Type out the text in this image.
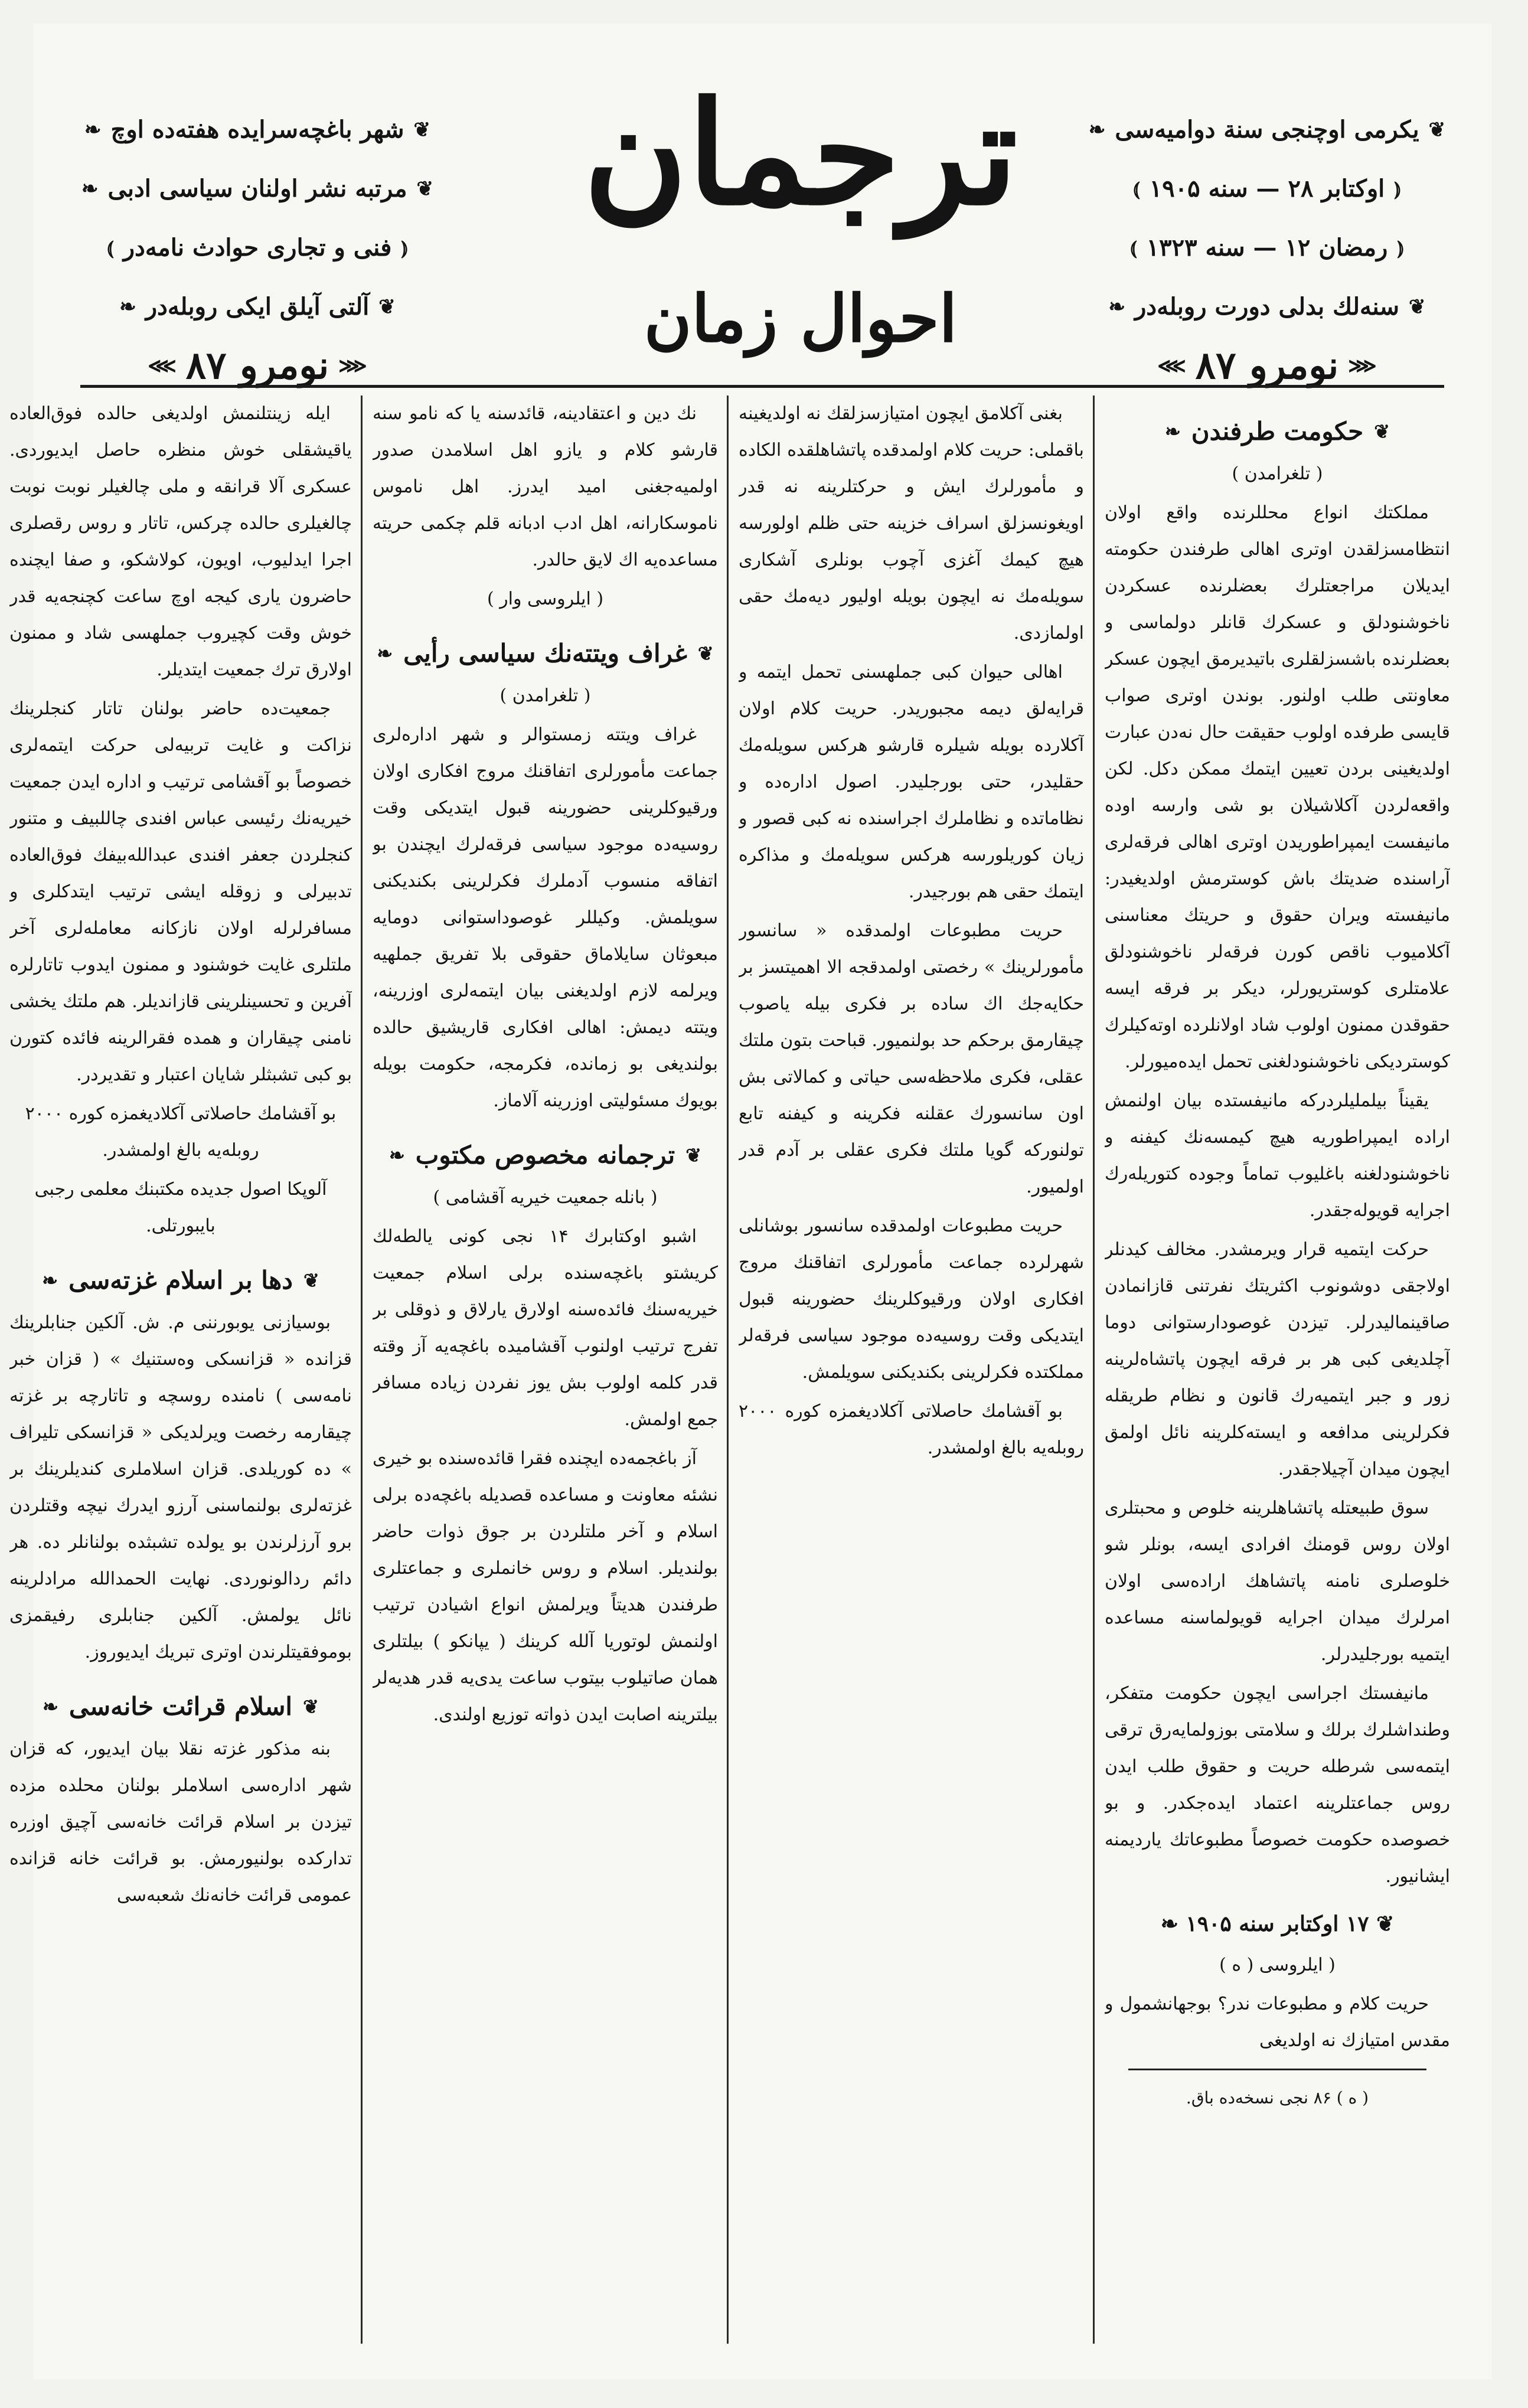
❦
یکرمی اوچنجی سنة دوامیه‌سی
❧
⦅
اوکتابر ۲۸ — سنه ۱۹۰۵
⦆
⦅
رمضان ۱۲ — سنه ۱۳۲۳
⦆
❦
سنه‌لك بدلی دورت روبله‌در
❧
⋘
نومرو ۸۷
⋙
ترجمان
احوال زمان
❦
شهر باغچه‌سرایده هفته‌ده اوچ
❧
❦
مرتبه نشر اولنان سیاسی ادبی
❧
⦅
فنی و تجاری حوادث نامه‌در
⦆
❦
آلتی آیلق ایکی روبله‌در
❧
⋘
نومرو ۸۷
⋙
❦
حکومت طرفندن
❧

( تلغرامدن )

مملکتك انواع محللرنده واقع اولان انتظامسزلقدن اوتری اهالی طرفندن حکومته ایدیلان مراجعتلرك بعضلرنده عسکردن ناخوشنودلق و عسکرك قانلر دولماسی و بعضلرنده باشسزلقلری باتیدیرمق ایچون عسکر معاونتی طلب اولنور. بوندن اوتری صواب قایسی طرفده اولوب حقیقت حال نه‌دن عبارت اولدیغینی بردن تعیین ایتمك ممکن دکل. لکن واقعه‌لردن آکلاشیلان بو شی وارسه اوده مانیفست ایمپراطوریدن اوتری اهالی فرقه‌لری آراسنده ضدیتك باش کوسترمش اولدیغیدر: مانیفسته ویران حقوق و حریتك معناسنی آکلامیوب ناقص کورن فرقه‌لر ناخوشنودلق علامتلری کوستریورلر، دیکر بر فرقه ایسه حقوقدن ممنون اولوب شاد اولانلرده اوته‌کیلرك کوستردیکی ناخوشنودلغنی تحمل ایده‌میورلر.

یقیناً بیلملیلردرکه مانیفستده بیان اولنمش اراده ایمپراطوریه هیچ کیمسه‌نك کیفنه و ناخوشنودلغنه باغلیوب تماماً وجوده کتوریله‌رك اجرایه قویوله‌جقدر.

حرکت ایتمیه قرار ویرمشدر. مخالف کیدنلر اولاجقی دوشونوب اکثریتك نفرتنی قازانمادن صاقینمالیدرلر. تیزدن غوصودارستوانی دوما آچلدیغی کبی هر بر فرقه ایچون پاتشاه‌لرینه زور و جبر ایتمیه‌رك قانون و نظام طریقله فکرلرینی مدافعه و ایسته‌کلرینه نائل اولمق ایچون میدان آچیلاجقدر.

سوق طبیعتله پاتشاهلرینه خلوص و محبتلری اولان روس قومنك افرادی ایسه، بونلر شو خلوصلری نامنه پاتشاهك اراده‌سی اولان امرلرك میدان اجرایه قویولماسنه مساعده ایتمیه بورجلیدرلر.

مانیفستك اجراسی ایچون حکومت متفکر، وطنداشلرك برلك و سلامتی بوزولمایه‌رق ترقی ایتمه‌سی شرطله حریت و حقوق طلب ایدن روس جماعتلرینه اعتماد ایده‌جکدر. و بو خصوصده حکومت خصوصاً مطبوعاتك یاردیمنه ایشانیور.

❦ ۱۷ اوکتابر سنه ۱۹۰۵ ❧

( ایلروسی ( ه )

حریت کلام و مطبوعات ندر؟ بوجهانشمول و مقدس امتیازك نه اولدیغی

( ه ) ۸۶ نجی نسخه‌ده باق.

بغنی آکلامق ایچون امتیازسزلقك نه اولدیغینه باقملی: حریت کلام اولمدقده پاتشاهلقده الکاده و مأمورلرك ایش و حرکتلرینه نه قدر اویغونسزلق اسراف خزینه حتی ظلم اولورسه هیچ کیمك آغزی آچوب بونلری آشکاری سویله‌مك نه ایچون بویله اولیور دیه‌مك حقی اولمازدی.

اهالی حیوان کبی جملهسنی تحمل ایتمه و قرایه‌لق دیمه مجبوریدر. حریت کلام اولان آکلارده بویله شیلره قارشو هرکس سویله‌مك حقلیدر، حتی بورجلیدر. اصول اداره‌ده و نظاماتده و نظاملرك اجراسنده نه کبی قصور و زیان کوریلورسه هرکس سویله‌مك و مذاکره ایتمك حقی هم بورجیدر.

حریت مطبوعات اولمدقده « سانسور مأمورلرینك » رخصتی اولمدقجه الا اهمیتسز بر حکایه‌جك اك ساده بر فکری بیله یاصوب چیقارمق برحکم حد بولنمیور. قباحت بتون ملتك عقلی، فکری ملاحظه‌سی حیاتی و کمالاتی بش اون سانسورك عقلنه فکرینه و کیفنه تابع تولنورکه گویا ملتك فکری عقلی بر آدم قدر اولمیور.

حریت مطبوعات اولمدقده سانسور بوشانلی شهرلرده جماعت مأمورلری اتفاقنك مروج افکاری اولان ورقیوکلرینك حضورینه قبول ایتدیکی وقت روسیه‌ده موجود سیاسی فرقه‌لر مملکتده فکرلرینی بکندیکنی سویلمش.

بو آقشامك حاصلاتی آکلادیغمزه کوره ۲۰۰۰ روبله‌یه بالغ اولمشدر.

نك دین و اعتقادینه، قائدسنه یا که نامو سنه قارشو کلام و یازو اهل اسلامدن صدور اولمیه‌جغنی امید ایدرز. اهل ناموس ناموسکارانه‌، اهل ادب ادبانه قلم چکمی حریته مساعده‌یه اك لایق حالدر.

( ایلروسی وار )

❦
غراف ویتته‌نك سیاسی رأیی
❧

( تلغرامدن )

غراف ویتته زمستوالر و شهر اداره‌لری جماعت مأمورلری اتفاقنك مروج افکاری اولان ورقیوکلرینی حضورینه قبول ایتدیکی وقت روسیه‌ده موجود سیاسی فرقه‌لرك ایچندن بو اتفاقه منسوب آدملرك فکرلرینی بکندیکنی سویلمش. وکیللر غوصوداستوانی دومایه مبعوثان سایلاماق حقوقی بلا تفریق جملهیه ویرلمه لازم اولدیغنی بیان ایتمه‌لری اوزرینه، ویتته دیمش: اهالی افکاری قاریشیق حالده بولندیغی بو زمانده، فکرمجه، حکومت بویله بویوك مسئولیتی اوزرینه آلاماز.

❦
ترجمانه مخصوص مکتوب
❧

( بانله جمعیت خیریه آقشامی )

اشبو اوکتابرك ۱۴ نجی کونی یالطه‌لك کریشتو باغچه‌سنده برلی اسلام جمعیت خیریه‌سنك فائده‌سنه اولارق یارلاق و ذوقلی بر تفرج ترتیب اولنوب آقشامیده باغچه‌یه آز وقته قدر کلمه اولوب بش یوز نفردن زیاده مسافر جمع اولمش.

آز باغجمه‌ده ایچنده فقرا قائده‌سنده بو خیری نشئه معاونت و مساعده قصدیله باغچه‌ده برلی اسلام و آخر ملتلردن بر جوق ذوات حاضر بولندیلر. اسلام و روس خانملری و جماعتلری طرفندن هدیتاً ویرلمش انواع اشیادن ترتیب اولنمش لوتوریا آلله کرینك ( یپانکو ) بیلتلری همان صاتیلوب بیتوب ساعت یدی‌یه قدر هدیه‌لر بیلترینه اصابت ایدن ذواته توزیع اولندی.

ایله زینتلنمش اولدیغی حالده فوق‌العاده یاقیشقلی خوش منظره حاصل ایدیوردی. عسکری آلا قرانقه و ملی چالغیلر نوبت نوبت چالغیلری حالده چرکس، تاتار و روس رقصلری اجرا ایدلیوب، اویون، کولاشکو، و صفا ایچنده حاضرون یاری کیجه اوچ ساعت کچنجه‌یه قدر خوش وقت کچیروب جملهسی شاد و ممنون اولارق ترك جمعیت ایتدیلر.

جمعیت‌ده حاضر بولنان تاتار کنجلرینك نزاکت و غایت تربیه‌لی حرکت ایتمه‌لری خصوصاً بو آقشامی ترتیب و اداره ایدن جمعیت خیریه‌نك رئیسی عباس افندی چاللبیف و متنور کنجلردن جعفر افندی عبدالله‌بیفك فوق‌العاده تدبیرلی و زوقله ایشی ترتیب ایتدکلری و مسافرلرله اولان نازکانه معامله‌لری آخر ملتلری غایت خوشنود و ممنون ایدوب تاتارلره آفرین و تحسینلرینی قازاندیلر. هم ملتك یخشی نامنی چیقاران و همده فقرالرینه فائده کتورن بو کبی تشبثلر شایان اعتبار و تقدیردر.

بو آقشامك حاصلاتی آکلادیغمزه کوره ۲۰۰۰ روبله‌یه بالغ اولمشدر.

آلوپکا اصول جدیده مکتبنك معلمی رجبی بایبورتلی.

❦
دها بر اسلام غزته‌سی
❧

بوسیازنی یوبورننی م. ش. آلکین جنابلرینك قزانده « قزانسکی وه‌ستنیك » ( قزان خبر نامه‌سی ) نامنده روسچه و تاتارچه بر غزته چیقارمه رخصت ویرلدیکی « قزانسکی تلیراف » ده کوریلدی. قزان اسلاملری کندیلرینك بر غزته‌لری بولنماسنی آرزو ایدرك نیچه وقتلردن برو آرزلرندن بو یولده تشبثده بولنانلر ده. هر دائم ردالونوردی. نهایت الحمدالله مرادلرینه نائل یولمش. آلکین جنابلری رفیقمزی بوموفقیتلرندن اوتری تبریك ایدیوروز.

❦
اسلام قرائت خانه‌سی
❧

بنه مذکور غزته نقلا بیان ایدیور، که قزان شهر اداره‌سی اسلاملر بولنان محلده مزده تیزدن بر اسلام قرائت خانه‌سی آچیق اوزره تدارکده بولنیورمش. بو قرائت خانه قزانده عمومی قرائت خانه‌نك شعبه‌سی
